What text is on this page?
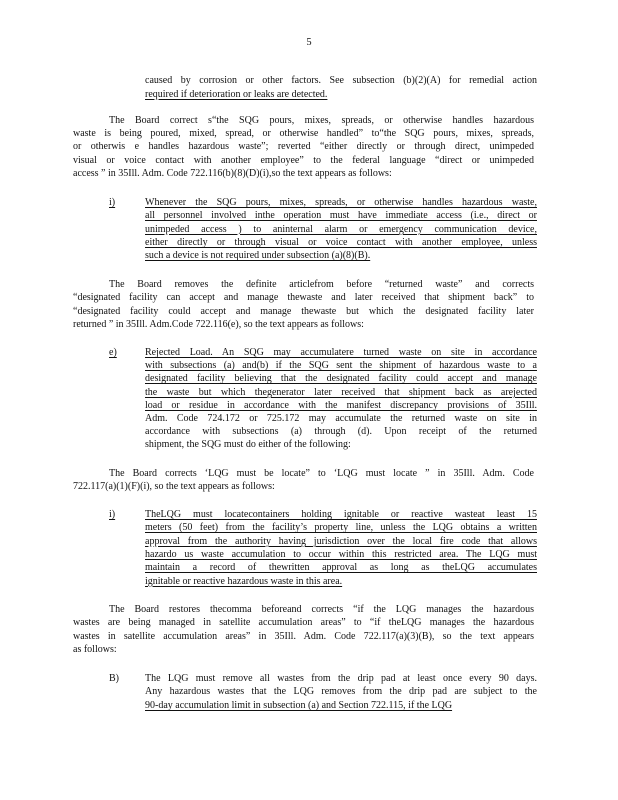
5
caused by corrosion or other factors. See subsection (b)(2)(A) for remedial action
required if deterioration or leaks are detected.
The Board correct s“the SQG pours, mixes, spreads, or otherwise handles hazardous
waste is being poured, mixed, spread, or otherwise handled” to“the SQG pours, mixes, spreads,
or otherwis e handles hazardous waste”; reverted “either directly or through direct, unimpeded
visual or voice contact with another employee” to the federal language “direct or unimpeded
access ” in 35Ill. Adm. Code 722.116(b)(8)(D)(i),so the text appears as follows:
i)	Whenever the SQG pours, mixes, spreads, or otherwise handles hazardous waste,
all personnel involved inthe operation must have immediate access (i.e., direct or
unimpeded access ) to aninternal alarm or emergency communication device,
either directly or through visual or voice contact with another employee, unless
such a device is not required under subsection (a)(8)(B).
The Board removes the definite articlefrom before “returned waste” and corrects
“designated facility can accept and manage thewaste and later received that shipment back” to
“designated facility could accept and manage thewaste but which the designated facility later
returned ” in 35Ill. Adm.Code 722.116(e), so the text appears as follows:
e)	Rejected Load. An SQG may accumulatere turned waste on site in accordance
with subsections (a) and(b) if the SQG sent the shipment of hazardous waste to a
designated facility believing that the designated facility could accept and manage
the waste but which thegenerator later received that shipment back as arejected
load or residue in accordance with the manifest discrepancy provisions of 35Ill.
Adm. Code 724.172 or 725.172 may accumulate the returned waste on site in
accordance with subsections (a) through (d). Upon receipt of the returned
shipment, the SQG must do either of the following:
The Board corrects ‘LQG must be locate” to ‘LQG must locate ” in 35Ill. Adm. Code
722.117(a)(1)(F)(i), so the text appears as follows:
i)	TheLQG must locatecontainers holding ignitable or reactive wasteat least 15
meters (50 feet) from the facility’s property line, unless the LQG obtains a written
approval from the authority having jurisdiction over the local fire code that allows
hazardo us waste accumulation to occur within this restricted area. The LQG must
maintain a record of thewritten approval as long as theLQG accumulates
ignitable or reactive hazardous waste in this area.
The Board restores thecomma beforeand corrects “if the LQG manages the hazardous
wastes are being managed in satellite accumulation areas” to “if theLQG manages the hazardous
wastes in satellite accumulation areas” in 35Ill. Adm. Code 722.117(a)(3)(B), so the text appears
as follows:
B)	The LQG must remove all wastes from the drip pad at least once every 90 days.
Any hazardous wastes that the LQG removes from the drip pad are subject to the
90-day accumulation limit in subsection (a) and Section 722.115, if the LQG
